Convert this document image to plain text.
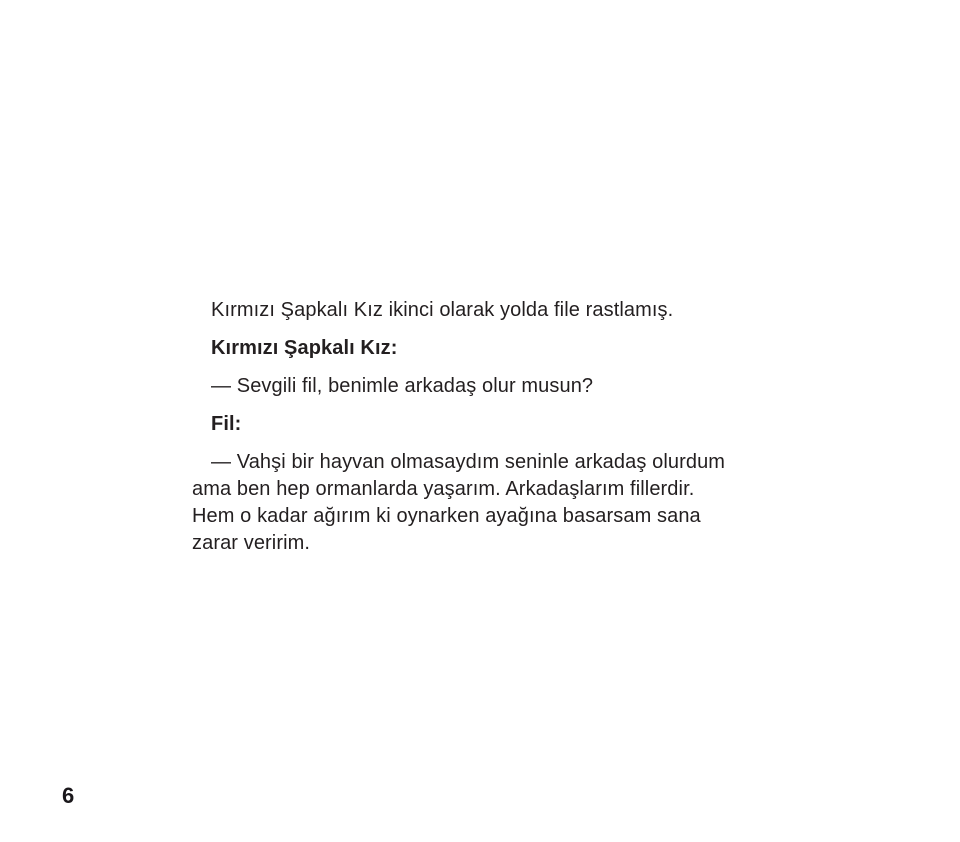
Kırmızı Şapkalı Kız ikinci olarak yolda file rastlamış.

Kırmızı Şapkalı Kız:

— Sevgili fil, benimle arkadaş olur musun?

Fil:

— Vahşi bir hayvan olmasaydım seninle arkadaş olurdum
ama ben hep ormanlarda yaşarım. Arkadaşlarım fillerdir.
Hem o kadar ağırım ki oynarken ayağına basarsam sana
zarar veririm.

6
